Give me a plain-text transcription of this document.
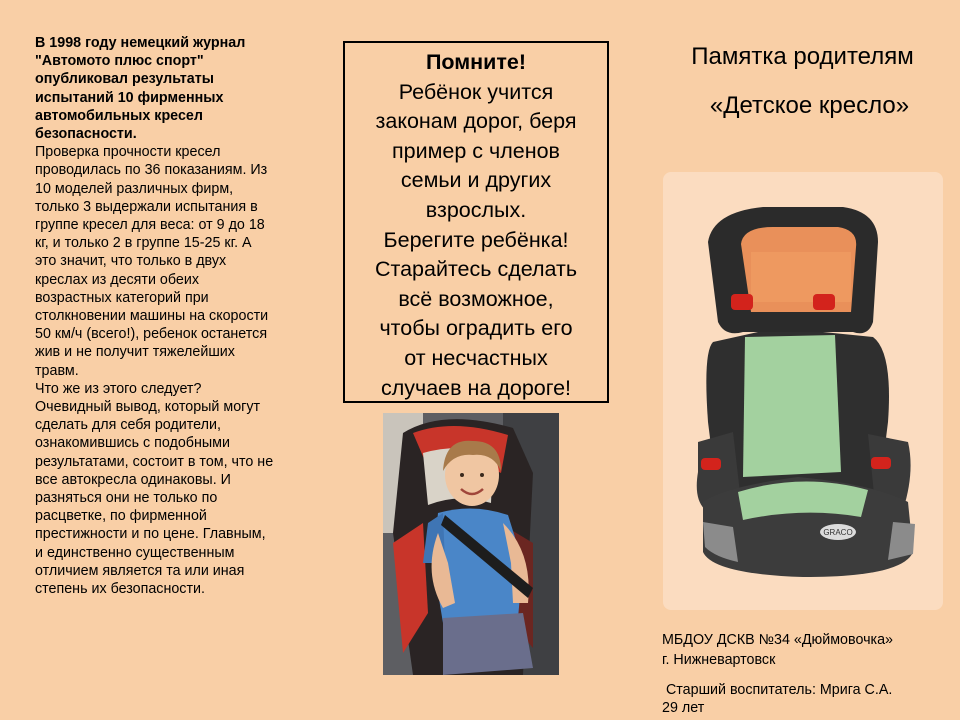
В 1998 году немецкий журнал "Автомото плюс спорт" опубликовал результаты испытаний 10 фирменных автомобильных кресел безопасности.
Проверка прочности кресел проводилась по 36 показаниям. Из 10 моделей различных фирм, только 3 выдержали испытания в группе кресел для веса: от 9 до 18 кг, и только 2 в группе 15-25 кг. А это значит, что только в двух креслах из десяти обеих возрастных категорий при столкновении машины на скорости 50 км/ч (всего!), ребенок останется жив и не получит тяжелейших травм.
Что же из этого следует? Очевидный вывод, который могут сделать для себя родители, ознакомившись с подобными результатами, состоит в том, что не все автокресла одинаковы. И разняться они не только по расцветке, по фирменной престижности и по цене. Главным, и единственно существенным отличием является та или иная степень их безопасности.
Помните!
Ребёнок учится
законам дорог, беря
пример с членов
семьи и других
взрослых.
Берегите ребёнка!
Старайтесь сделать
всё возможное,
чтобы оградить его
от несчастных
случаев на дороге!
Памятка родителям
«Детское кресло»
GRACO
МБДОУ ДСКВ №34 «Дюймовочка»
г. Нижневартовск
Старший воспитатель: Мрига С.А.
29 лет
